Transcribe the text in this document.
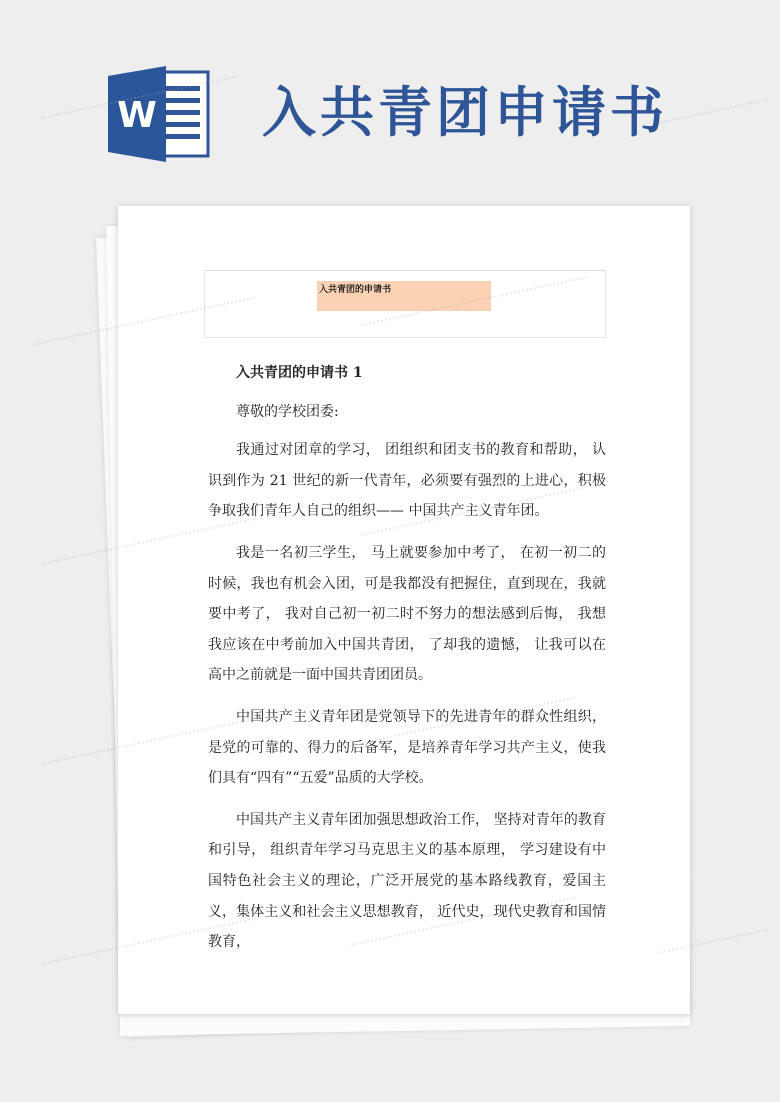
W 入共青团申请书
入共青团的申请书

入共青团的申请书 1

尊敬的学校团委:

我通过对团章的学习， 团组织和团支书的教育和帮助， 认识到作为 21 世纪的新一代青年，必须要有强烈的上进心，积极争取我们青年人自己的组织—— 中国共产主义青年团。

我是一名初三学生， 马上就要参加中考了， 在初一初二的时候，我也有机会入团，可是我都没有把握住，直到现在，我就要中考了， 我对自己初一初二时不努力的想法感到后悔， 我想我应该在中考前加入中国共青团， 了却我的遗憾， 让我可以在高中之前就是一面中国共青团团员。

中国共产主义青年团是党领导下的先进青年的群众性组织，是党的可靠的、得力的后备军，是培养青年学习共产主义，使我们具有“四有”“五爱”品质的大学校。

中国共产主义青年团加强思想政治工作， 坚持对青年的教育和引导， 组织青年学习马克思主义的基本原理， 学习建设有中国特色社会主义的理论，广泛开展党的基本路线教育，爱国主义，集体主义和社会主义思想教育， 近代史，现代史教育和国情教育，
